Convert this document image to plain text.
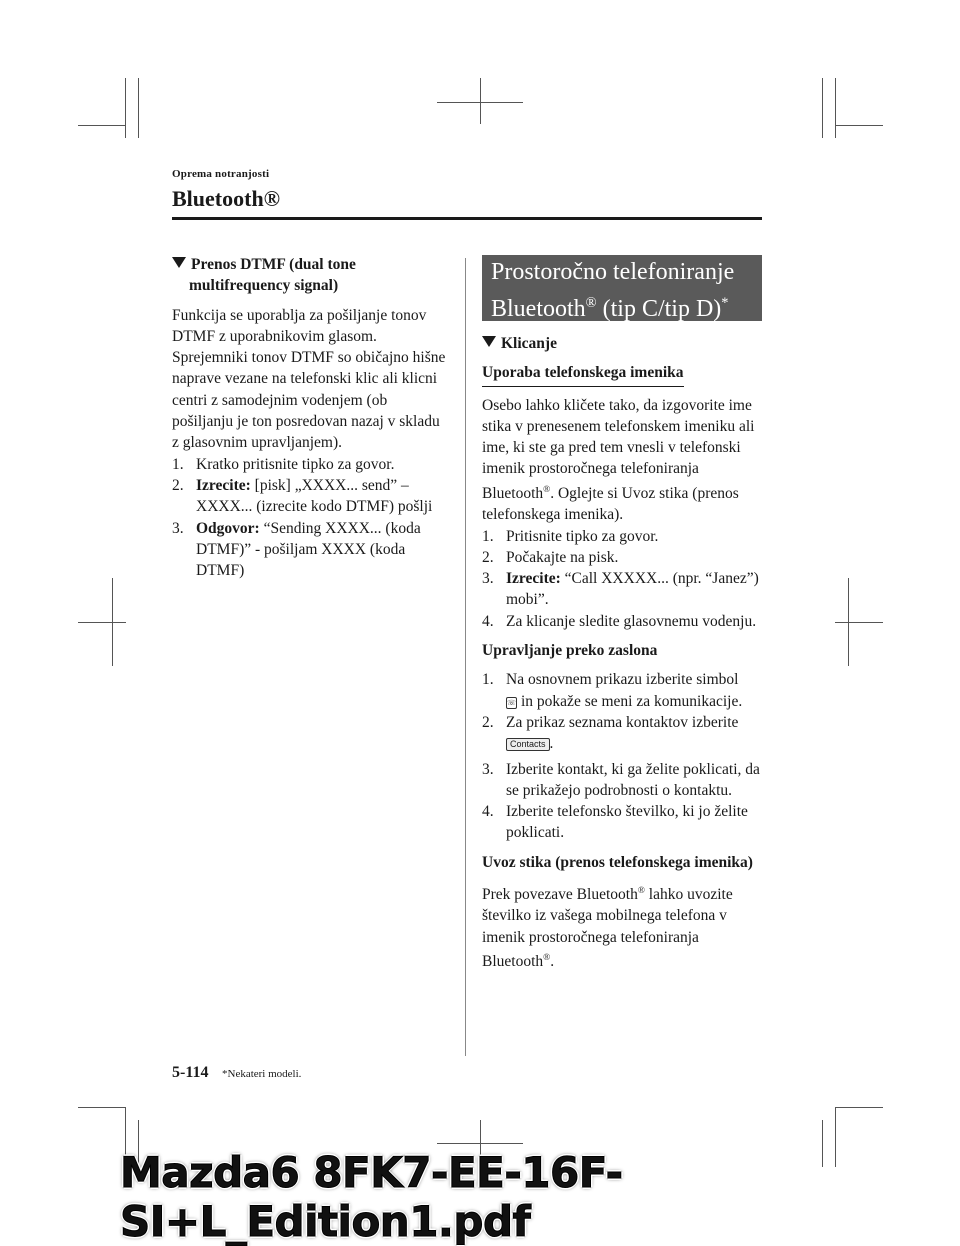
Oprema notranjosti
Bluetooth®

Prenos DTMF (dual tone

multifrequency signal)

Funkcija se uporablja za pošiljanje tonov DTMF z uporabnikovim glasom.

Sprejemniki tonov DTMF so običajno hišne naprave vezane na telefonski klic ali klicni centri z samodejnim vodenjem (ob pošiljanju je ton posredovan nazaj v skladu z glasovnim upravljanjem).

1. Kratko pritisnite tipko za govor.
2. Izrecite: [pisk] „XXXX... send” – XXXX... (izrecite kodo DTMF) pošlji
3. Odgovor: “Sending XXXX... (koda DTMF)” - pošiljam XXXX (koda DTMF)
Prostoročno telefoniranje
Bluetooth® (tip C/tip D)*

Klicanje

Uporaba telefonskega imenika

Osebo lahko kličete tako, da izgovorite ime stika v prenesenem telefonskem imeniku ali ime, ki ste ga pred tem vnesli v telefonski imenik prostoročnega telefoniranja Bluetooth®. Oglejte si Uvoz stika (prenos telefonskega imenika).

1. Pritisnite tipko za govor.
2. Počakajte na pisk.
3. Izrecite: “Call XXXXX... (npr. “Janez”) mobi”.
4. Za klicanje sledite glasovnemu vodenju.

Upravljanje preko zaslona

1. Na osnovnem prikazu izberite simbol
☏ in pokaže se meni za komunikacije.
2. Za prikaz seznama kontaktov izberite
Contacts .
3. Izberite kontakt, ki ga želite poklicati, da se prikažejo podrobnosti o kontaktu.
4. Izberite telefonsko številko, ki jo želite poklicati.

Uvoz stika (prenos telefonskega imenika)

Prek povezave Bluetooth® lahko uvozite številko iz vašega mobilnega telefona v imenik prostoročnega telefoniranja Bluetooth®.

5-114 *Nekateri modeli.
Mazda6 8FK7-EE-16F-SI+L_Edition1.pdf
